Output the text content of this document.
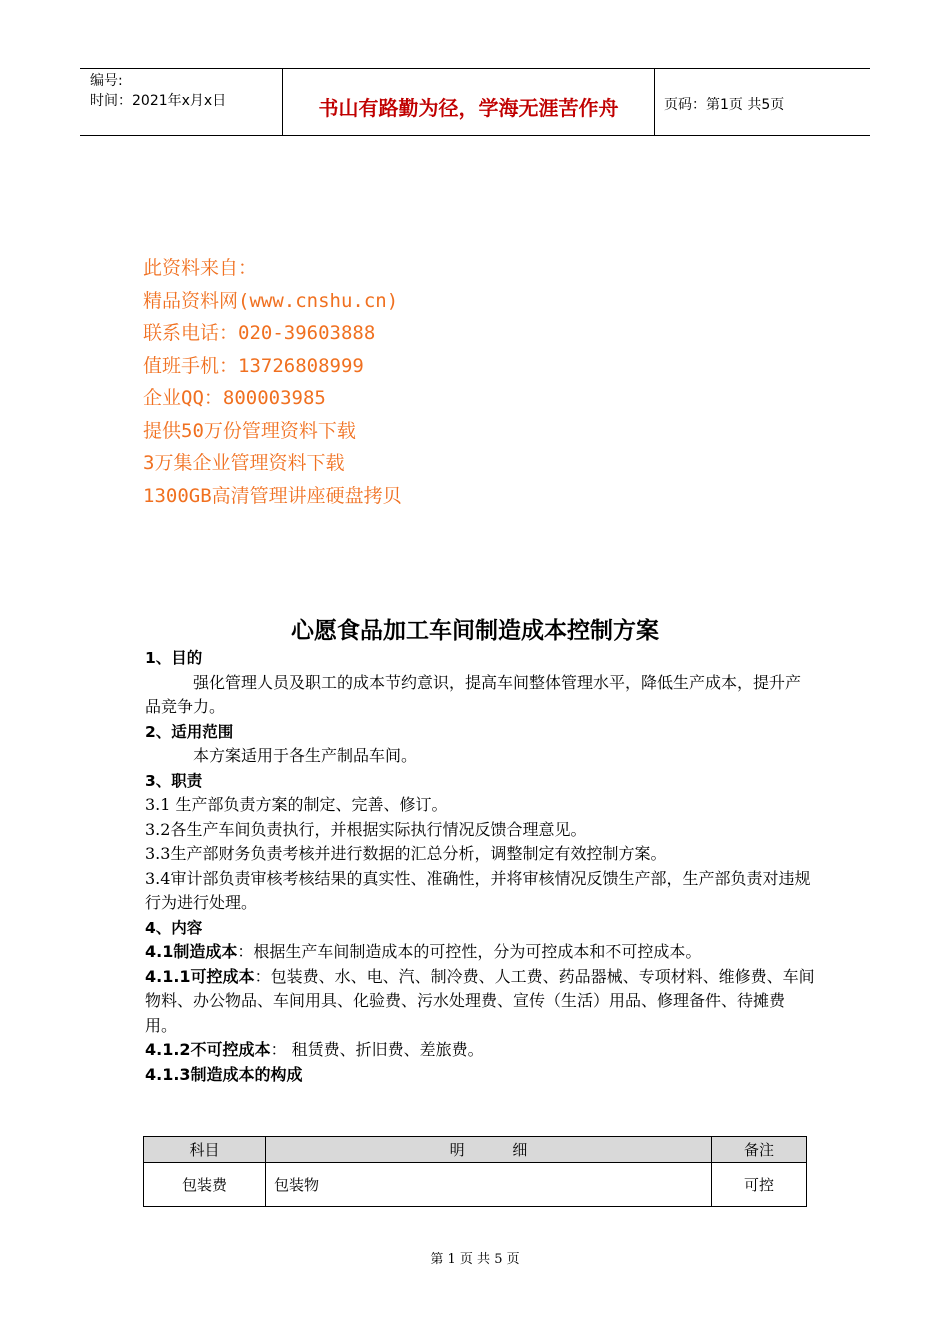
编号:
时间：2021年x月x日	书山有路勤为径，学海无涯苦作舟	页码：第1页 共5页
此资料来自：
精品资料网(www.cnshu.cn)
联系电话：020-39603888
值班手机：13726808999
企业QQ：800003985
提供50万份管理资料下载
3万集企业管理资料下载
1300GB高清管理讲座硬盘拷贝
心愿食品加工车间制造成本控制方案

1、目的

强化管理人员及职工的成本节约意识，提高车间整体管理水平，降低生产成本，提升产品竞争力。

2、适用范围

本方案适用于各生产制品车间。

3、职责

3.1 生产部负责方案的制定、完善、修订。

3.2各生产车间负责执行，并根据实际执行情况反馈合理意见。

3.3生产部财务负责考核并进行数据的汇总分析，调整制定有效控制方案。

3.4审计部负责审核考核结果的真实性、准确性，并将审核情况反馈生产部，生产部负责对违规行为进行处理。

4、内容

4.1制造成本：根据生产车间制造成本的可控性，分为可控成本和不可控成本。

4.1.1可控成本：包装费、水、电、汽、制冷费、人工费、药品器械、专项材料、维修费、车间物料、办公物品、车间用具、化验费、污水处理费、宣传（生活）用品、修理备件、待摊费用。

4.1.2不可控成本： 租赁费、折旧费、差旅费。

4.1.3制造成本的构成

科目	明          细	备注
包装费	包装物	可控
第 1 页 共 5 页
